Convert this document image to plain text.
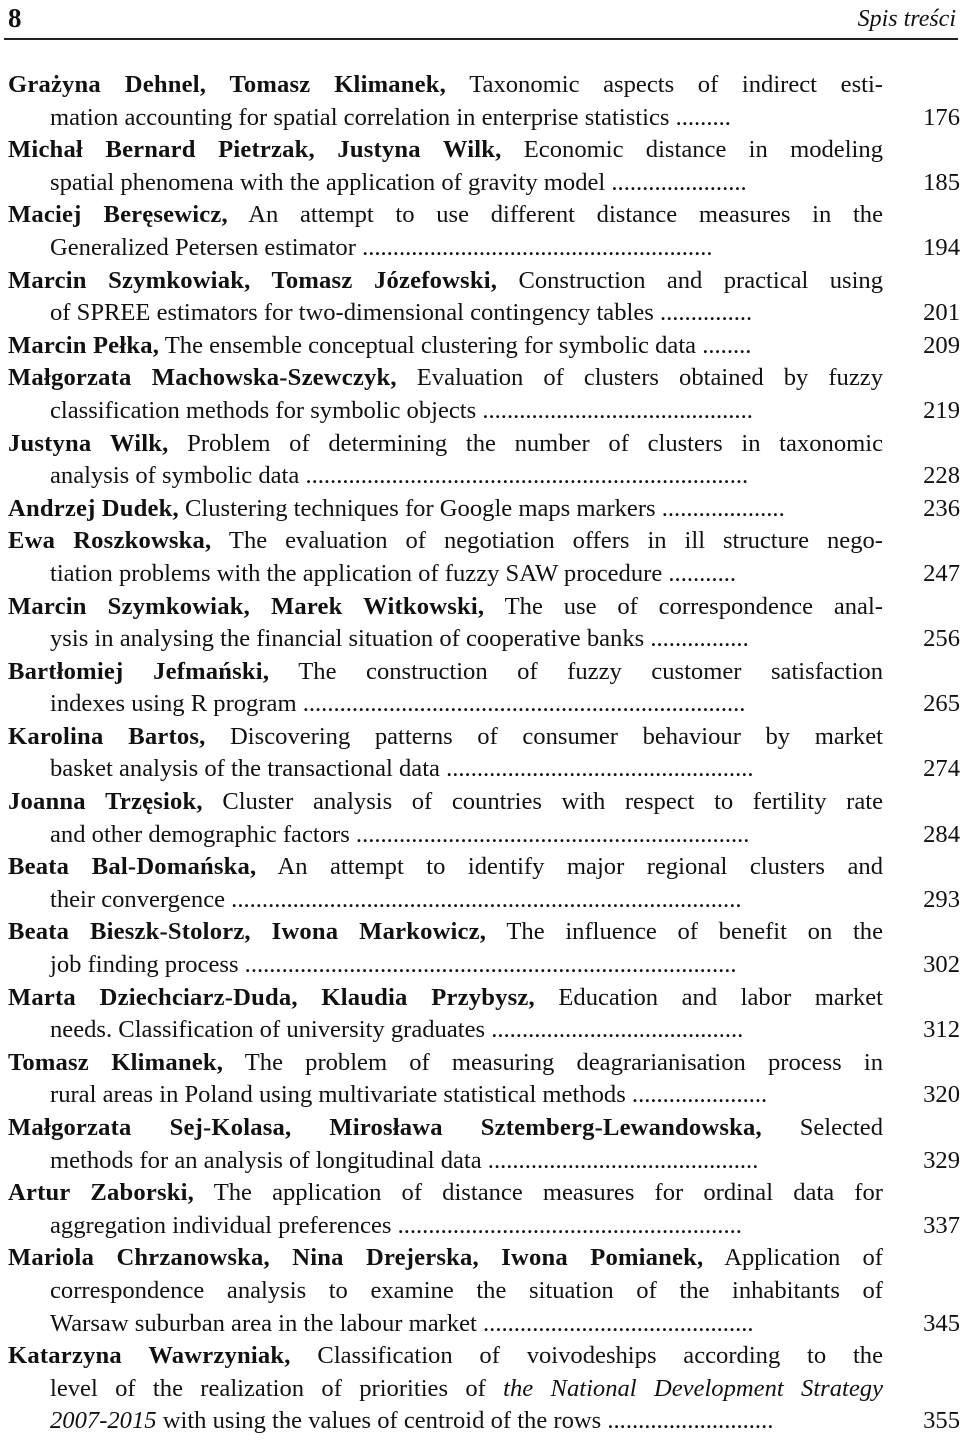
8	Spis treści
Grażyna Dehnel, Tomasz Klimanek, Taxonomic aspects of indirect esti-
mation accounting for spatial correlation in enterprise statistics .........	176
Michał Bernard Pietrzak, Justyna Wilk, Economic distance in modeling
spatial phenomena with the application of gravity model ......................	185
Maciej Beręsewicz, An attempt to use different distance measures in the
Generalized Petersen estimator .........................................................	194
Marcin Szymkowiak, Tomasz Józefowski, Construction and practical using
of SPREE estimators for two-dimensional contingency tables ...............	201
Marcin Pełka, The ensemble conceptual clustering for symbolic data ........	209
Małgorzata Machowska-Szewczyk, Evaluation of clusters obtained by fuzzy
classification methods for symbolic objects ............................................	219
Justyna Wilk, Problem of determining the number of clusters in taxonomic
analysis of symbolic data ........................................................................	228
Andrzej Dudek, Clustering techniques for Google maps markers ....................	236
Ewa Roszkowska, The evaluation of negotiation offers in ill structure nego-
tiation problems with the application of fuzzy SAW procedure ...........	247
Marcin Szymkowiak, Marek Witkowski, The use of correspondence anal-
ysis in analysing the financial situation of cooperative banks ................	256
Bartłomiej Jefmański, The construction of fuzzy customer satisfaction
indexes using R program ........................................................................	265
Karolina Bartos, Discovering patterns of consumer behaviour by market
basket analysis of the transactional data ..................................................	274
Joanna Trzęsiok, Cluster analysis of countries with respect to fertility rate
and other demographic factors ................................................................	284
Beata Bal-Domańska, An attempt to identify major regional clusters and
their convergence ...................................................................................	293
Beata Bieszk-Stolorz, Iwona Markowicz, The influence of benefit on the
job finding process ................................................................................	302
Marta Dziechciarz-Duda, Klaudia Przybysz, Education and labor market
needs. Classification of university graduates .........................................	312
Tomasz Klimanek, The problem of measuring deagrarianisation process in
rural areas in Poland using multivariate statistical methods ......................	320
Małgorzata Sej-Kolasa, Mirosława Sztemberg-Lewandowska, Selected
methods for an analysis of longitudinal data ............................................	329
Artur Zaborski, The application of distance measures for ordinal data for
aggregation individual preferences ........................................................	337
Mariola Chrzanowska, Nina Drejerska, Iwona Pomianek, Application of
correspondence analysis to examine the situation of the inhabitants of
Warsaw suburban area in the labour market ............................................	345
Katarzyna Wawrzyniak, Classification of voivodeships according to the
level of the realization of priorities of the National Development Strategy
2007-2015 with using the values of centroid of the rows ...........................	355
